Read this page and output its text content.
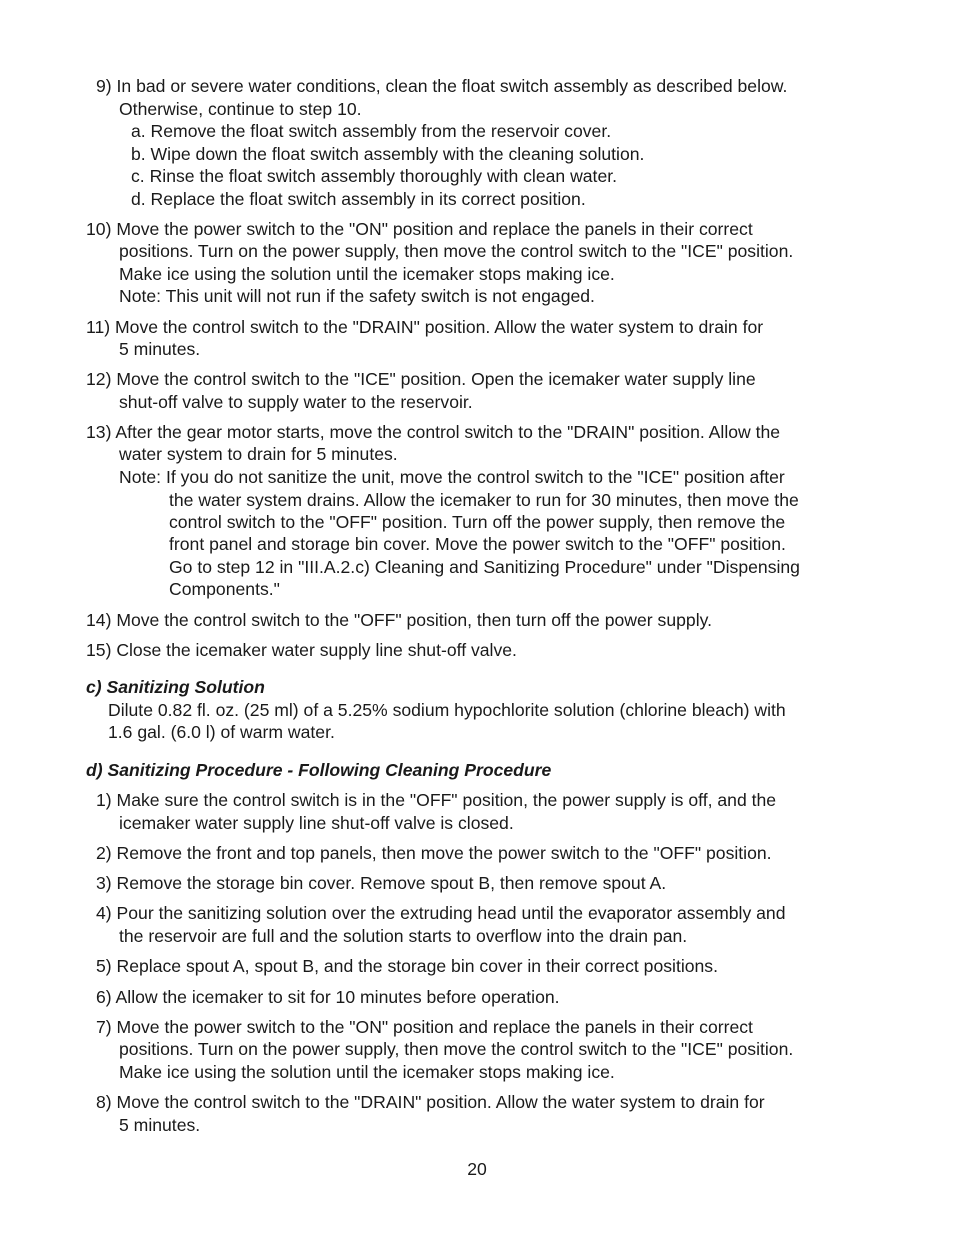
9) In bad or severe water conditions, clean the float switch assembly as described below.
Otherwise, continue to step 10.
a. Remove the float switch assembly from the reservoir cover.
b. Wipe down the float switch assembly with the cleaning solution.
c. Rinse the float switch assembly thoroughly with clean water.
d. Replace the float switch assembly in its correct position.
10) Move the power switch to the "ON" position and replace the panels in their correct
positions. Turn on the power supply, then move the control switch to the "ICE" position.
Make ice using the solution until the icemaker stops making ice.
Note: This unit will not run if the safety switch is not engaged.
11) Move the control switch to the "DRAIN" position. Allow the water system to drain for
5 minutes.
12) Move the control switch to the "ICE" position. Open the icemaker water supply line
shut-off valve to supply water to the reservoir.
13) After the gear motor starts, move the control switch to the "DRAIN" position. Allow the
water system to drain for 5 minutes.
Note: If you do not sanitize the unit, move the control switch to the "ICE" position after
the water system drains. Allow the icemaker to run for 30 minutes, then move the
control switch to the "OFF" position. Turn off the power supply, then remove the
front panel and storage bin cover. Move the power switch to the "OFF" position.
Go to step 12 in "III.A.2.c) Cleaning and Sanitizing Procedure" under "Dispensing
Components."
14) Move the control switch to the "OFF" position, then turn off the power supply.
15) Close the icemaker water supply line shut-off valve.
c) Sanitizing Solution
Dilute 0.82 fl. oz. (25 ml) of a 5.25% sodium hypochlorite solution (chlorine bleach) with
1.6 gal. (6.0 l) of warm water.
d) Sanitizing Procedure - Following Cleaning Procedure
1) Make sure the control switch is in the "OFF" position, the power supply is off, and the
icemaker water supply line shut-off valve is closed.
2) Remove the front and top panels, then move the power switch to the "OFF" position.
3) Remove the storage bin cover. Remove spout B, then remove spout A.
4) Pour the sanitizing solution over the extruding head until the evaporator assembly and
the reservoir are full and the solution starts to overflow into the drain pan.
5) Replace spout A, spout B, and the storage bin cover in their correct positions.
6) Allow the icemaker to sit for 10 minutes before operation.
7) Move the power switch to the "ON" position and replace the panels in their correct
positions. Turn on the power supply, then move the control switch to the "ICE" position.
Make ice using the solution until the icemaker stops making ice.
8) Move the control switch to the "DRAIN" position. Allow the water system to drain for
5 minutes.
20
